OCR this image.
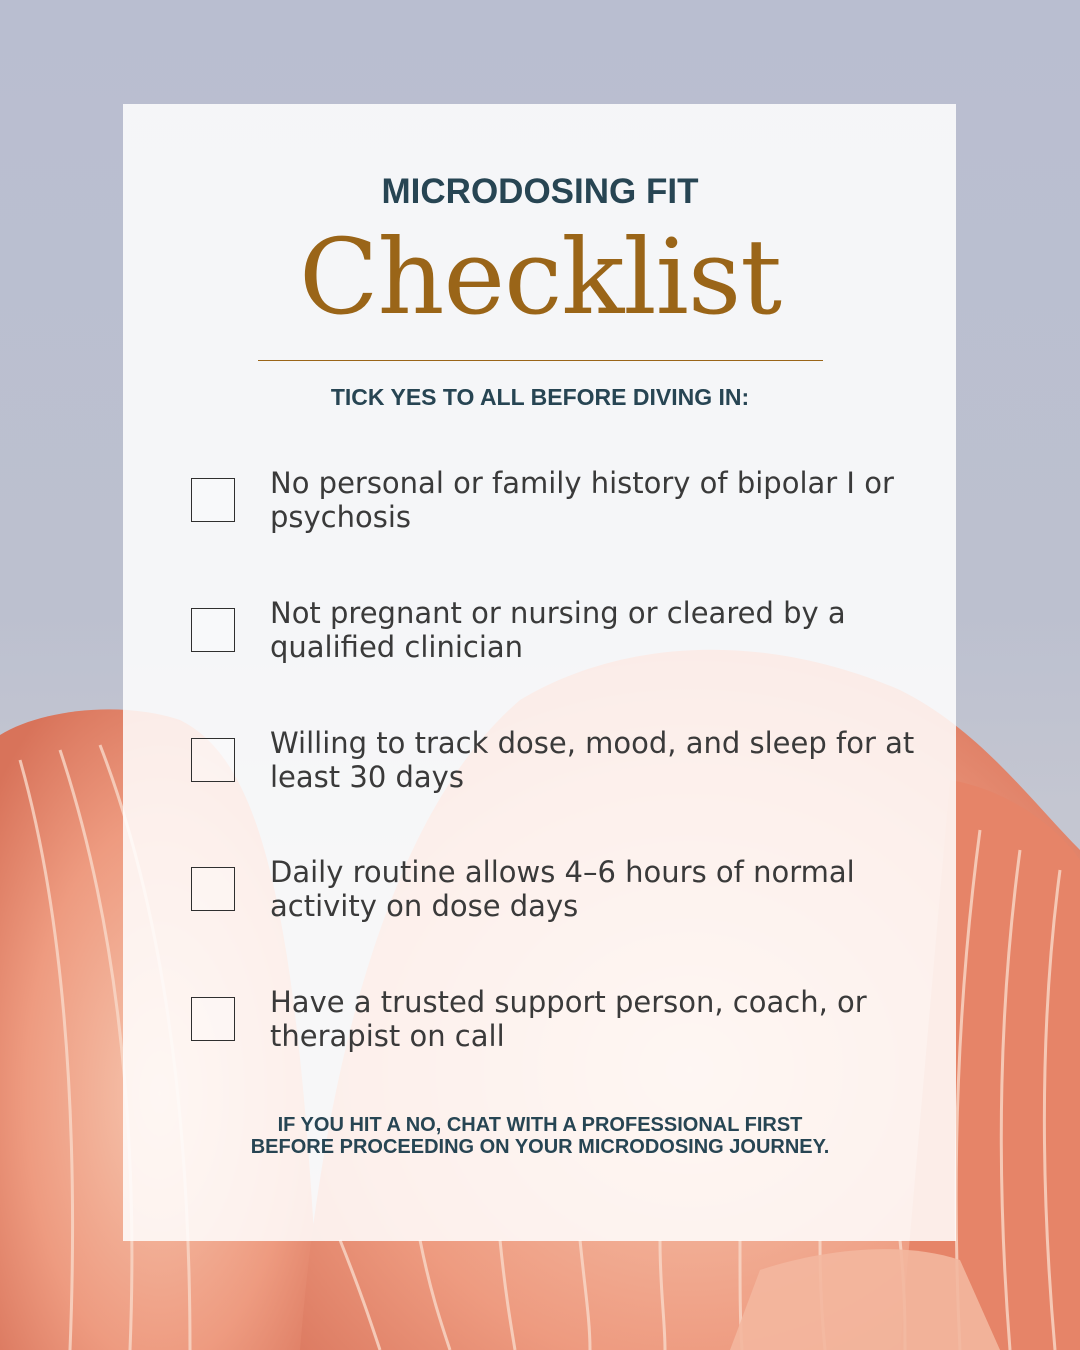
MICRODOSING FIT
Checklist
TICK YES TO ALL BEFORE DIVING IN:
No personal or family history of bipolar I or psychosis
Not pregnant or nursing or cleared by a qualified clinician
Willing to track dose, mood, and sleep for at least 30 days
Daily routine allows 4–6 hours of normal activity on dose days
Have a trusted support person, coach, or therapist on call
IF YOU HIT A NO, CHAT WITH A PROFESSIONAL FIRST
BEFORE PROCEEDING ON YOUR MICRODOSING JOURNEY.
